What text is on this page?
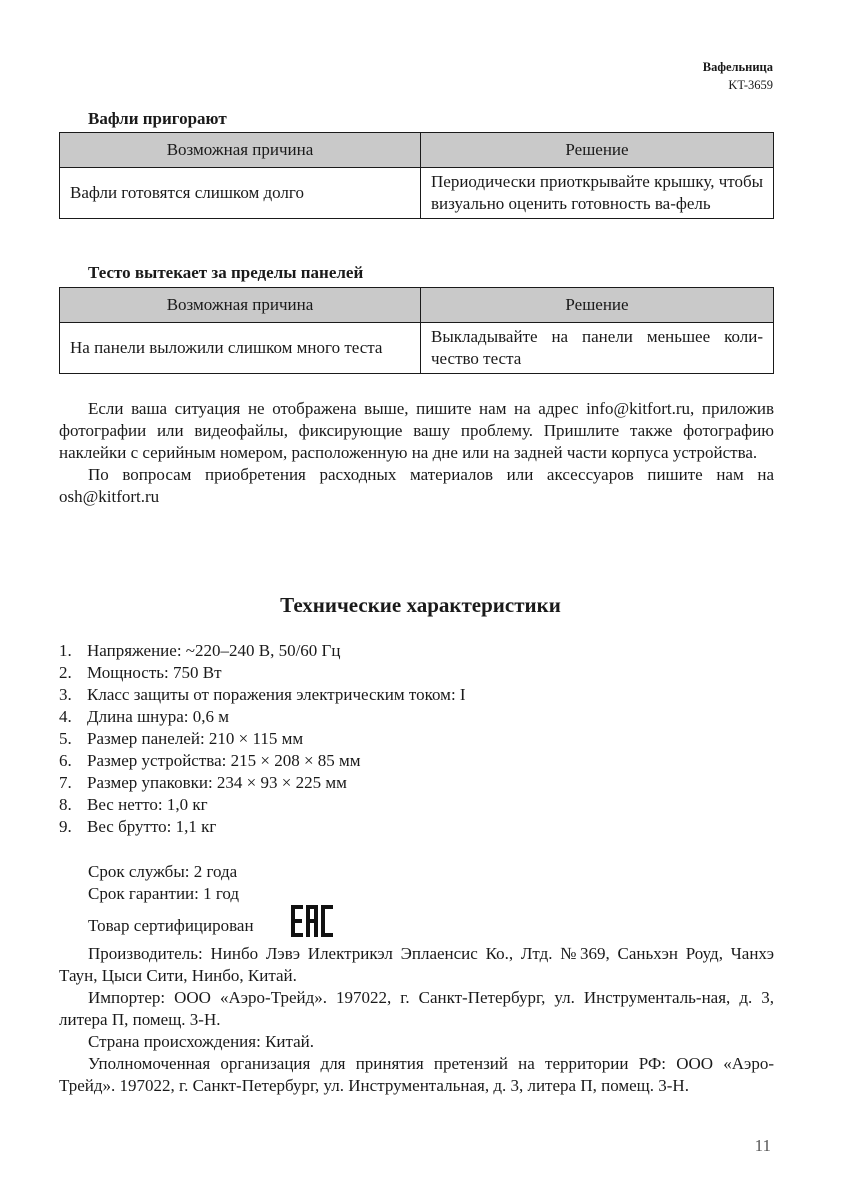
Вафельница
KT-3659
Вафли пригорают
Возможная причина	Решение
Вафли готовятся слишком долго	Периодически приоткрывайте крышку, чтобы визуально оценить готовность ва-фель
Тесто вытекает за пределы панелей
Возможная причина	Решение
На панели выложили слишком много теста	Выкладывайте на панели меньшее коли-чество теста

Если ваша ситуация не отображена выше, пишите нам на адрес info@kitfort.ru, приложив фотографии или видеофайлы, фиксирующие вашу проблему. Пришлите также фотографию наклейки с серийным номером, расположенную на дне или на задней части корпуса устройства.

По вопросам приобретения расходных материалов или аксессуаров пишите нам на osh@kitfort.ru

Технические характеристики
1. Напряжение: ~220–240 В, 50/60 Гц
2. Мощность: 750 Вт
3. Класс защиты от поражения электрическим током: I
4. Длина шнура: 0,6 м
5. Размер панелей: 210 × 115 мм
6. Размер устройства: 215 × 208 × 85 мм
7. Размер упаковки: 234 × 93 × 225 мм
8. Вес нетто: 1,0 кг
9. Вес брутто: 1,1 кг

Срок службы: 2 года

Срок гарантии: 1 год

Товар сертифицирован

Производитель: Нинбо Лэвэ Илектрикэл Эплаенсис Ко., Лтд. №369, Саньхэн Роуд, Чанхэ Таун, Цыси Сити, Нинбо, Китай.

Импортер: ООО «Аэро-Трейд». 197022, г. Санкт-Петербург, ул. Инструменталь-ная, д. 3, литера П, помещ. 3-Н.

Страна происхождения: Китай.

Уполномоченная организация для принятия претензий на территории РФ: ООО «Аэро-Трейд». 197022, г. Санкт-Петербург, ул. Инструментальная, д. 3, литера П, помещ. 3-Н.

11
